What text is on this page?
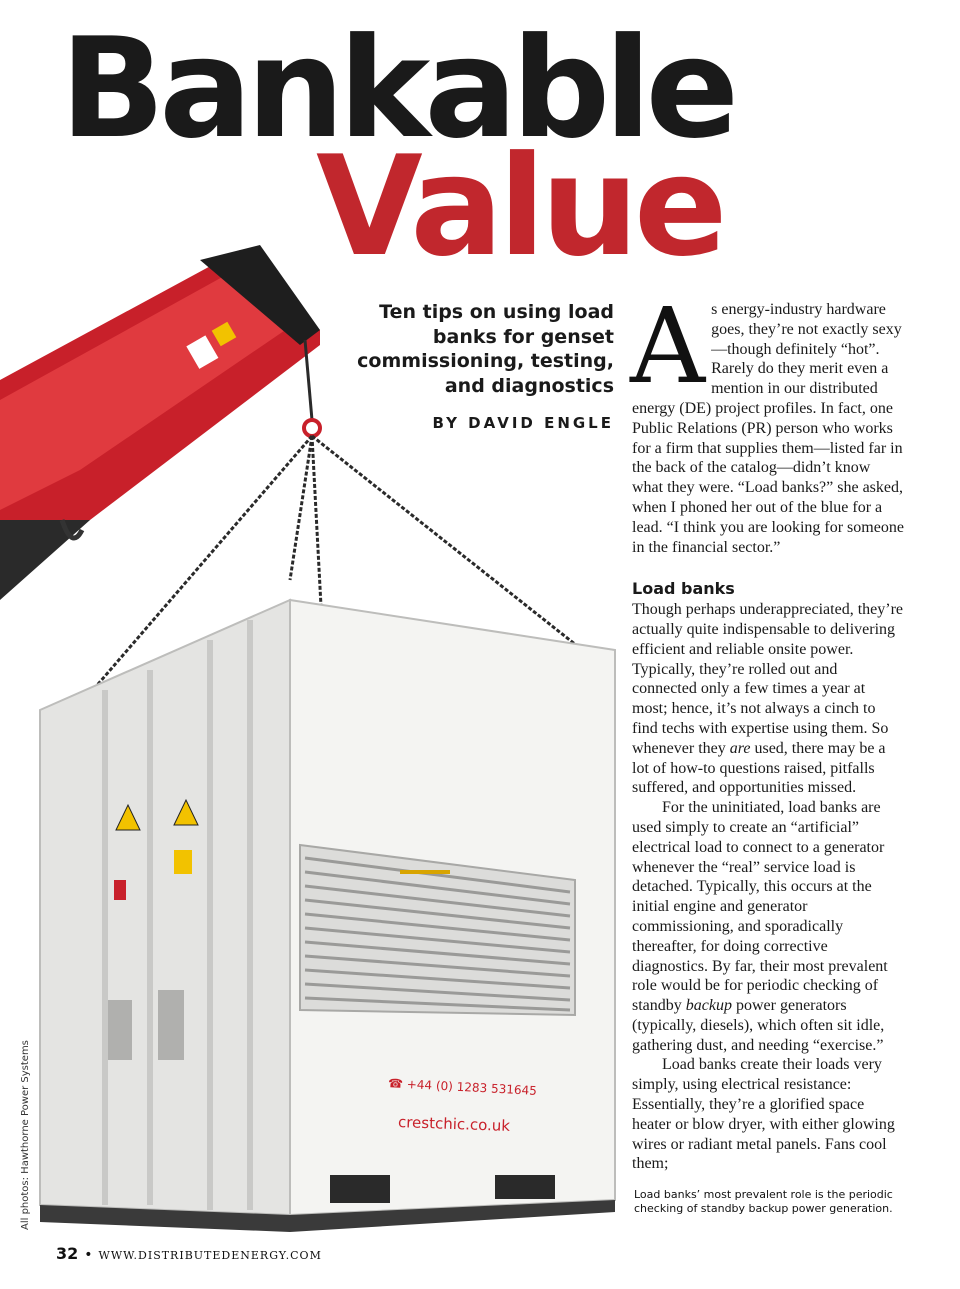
☎ +44 (0) 1283 531645
crestchic.co.uk
Bankable
Value

Ten tips on using load banks for genset commissioning, testing, and diagnostics

BY DAVID ENGLE

As energy-industry hardware goes, they’re not exactly sexy—though definitely “hot”. Rarely do they merit even a mention in our distributed energy (DE) project profiles. In fact, one Public Relations (PR) person who works for a firm that supplies them—listed far in the back of the catalog—didn’t know what they were. “Load banks?” she asked, when I phoned her out of the blue for a lead. “I think you are looking for someone in the financial sector.”

Load banks

Though perhaps underappreciated, they’re actually quite indispensable to delivering efficient and reliable onsite power. Typically, they’re rolled out and connected only a few times a year at most; hence, it’s not always a cinch to find techs with expertise using them. So whenever they are used, there may be a lot of how-to questions raised, pitfalls suffered, and opportunities missed.

For the uninitiated, load banks are used simply to create an “artificial” electrical load to connect to a generator whenever the “real” service load is detached. Typically, this occurs at the initial engine and generator commissioning, and sporadically thereafter, for doing corrective diagnostics. By far, their most prevalent role would be for periodic checking of standby backup power generators (typically, diesels), which often sit idle, gathering dust, and needing “exercise.”

Load banks create their loads very simply, using electrical resistance: Essentially, they’re a glorified space heater or blow dryer, with either glowing wires or radiant metal panels. Fans cool them;

Load banks’ most prevalent role is the periodic checking of standby backup power generation.

All photos: Hawthorne Power Systems
32 • WWW.DISTRIBUTEDENERGY.COM
